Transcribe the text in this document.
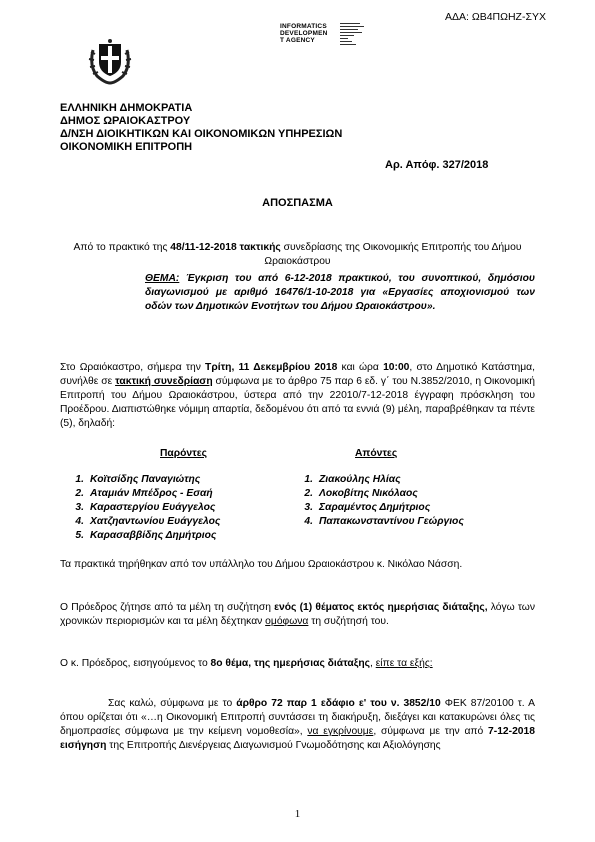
ΑΔΑ: ΩΒ4ΠΩΗΖ-ΣΥΧ
INFORMATICS
DEVELOPMEN
T AGENCY
ΕΛΛΗΝΙΚΗ ΔΗΜΟΚΡΑΤΙΑ
ΔΗΜΟΣ ΩΡΑΙΟΚΑΣΤΡΟΥ
Δ/ΝΣΗ ΔΙΟΙΚΗΤΙΚΩΝ ΚΑΙ ΟΙΚΟΝΟΜΙΚΩΝ ΥΠΗΡΕΣΙΩΝ
ΟΙΚΟΝΟΜΙΚΗ ΕΠΙΤΡΟΠΗ
Αρ. Απόφ. 327/2018
ΑΠΟΣΠΑΣΜΑ
Από το πρακτικό της 48/11-12-2018 τακτικής συνεδρίασης της Οικονομικής Επιτροπής του Δήμου Ωραιοκάστρου
ΘΕΜΑ: Έγκριση του από 6-12-2018 πρακτικού, του συνοπτικού, δημόσιου διαγωνισμού με αριθμό 16476/1-10-2018 για «Εργασίες αποχιονισμού των οδών των Δημοτικών Ενοτήτων του Δήμου Ωραιοκάστρου».
Στο Ωραιόκαστρο, σήμερα την Τρίτη, 11 Δεκεμβρίου 2018 και ώρα 10:00, στο Δημοτικό Κατάστημα, συνήλθε σε τακτική συνεδρίαση σύμφωνα με το άρθρο 75 παρ 6 εδ. γ΄ του Ν.3852/2010, η Οικονομική Επιτροπή του Δήμου Ωραιοκάστρου, ύστερα από την 22010/7-12-2018 έγγραφη πρόσκληση του Προέδρου. Διαπιστώθηκε νόμιμη απαρτία, δεδομένου ότι από τα εννιά (9) μέλη, παραβρέθηκαν τα πέντε (5), δηλαδή:
Παρόντες	Απόντες
1. Κοϊτσίδης Παναγιώτης
2. Αταμιάν Μπέδρος - Εσαή
3. Καραστεργίου Ευάγγελος
4. Χατζηαντωνίου Ευάγγελος
5. Καρασαββίδης Δημήτριος
1. Ζιακούλης Ηλίας
2. Λοκοβίτης Νικόλαος
3. Σαραμέντος Δημήτριος
4. Παπακωνσταντίνου Γεώργιος
Τα πρακτικά τηρήθηκαν από τον υπάλληλο του Δήμου Ωραιοκάστρου κ. Νικόλαο Νάσση.
Ο Πρόεδρος ζήτησε από τα μέλη τη συζήτηση ενός (1) θέματος εκτός ημερήσιας διάταξης, λόγω των χρονικών περιορισμών και τα μέλη δέχτηκαν ομόφωνα τη συζήτησή του.
Ο κ. Πρόεδρος, εισηγούμενος το 8ο θέμα, της ημερήσιας διάταξης, είπε τα εξής:
Σας καλώ, σύμφωνα με το άρθρο 72 παρ 1 εδάφιο ε' του ν. 3852/10 ΦΕΚ 87/20100 τ. Α όπου ορίζεται ότι «…η Οικονομική Επιτροπή συντάσσει τη διακήρυξη, διεξάγει και κατακυρώνει όλες τις δημοπρασίες σύμφωνα με την κείμενη νομοθεσία», να εγκρίνουμε, σύμφωνα με την από 7-12-2018 εισήγηση της Επιτροπής Διενέργειας Διαγωνισμού Γνωμοδότησης και Αξιολόγησης
1
